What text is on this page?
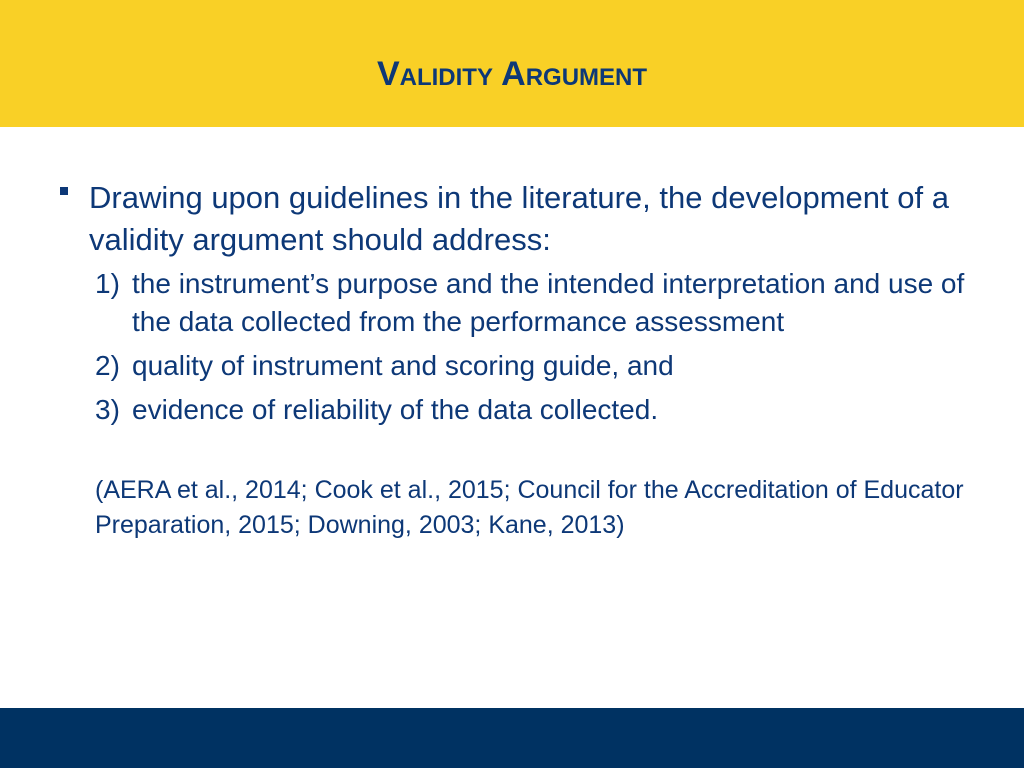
Validity Argument
Drawing upon guidelines in the literature, the development of a validity argument should address:
1) the instrument’s purpose and the intended interpretation and use of the data collected from the performance assessment
2) quality of instrument and scoring guide, and
3) evidence of reliability of the data collected.
(AERA et al., 2014; Cook et al., 2015; Council for the Accreditation of Educator Preparation, 2015; Downing, 2003; Kane, 2013)
